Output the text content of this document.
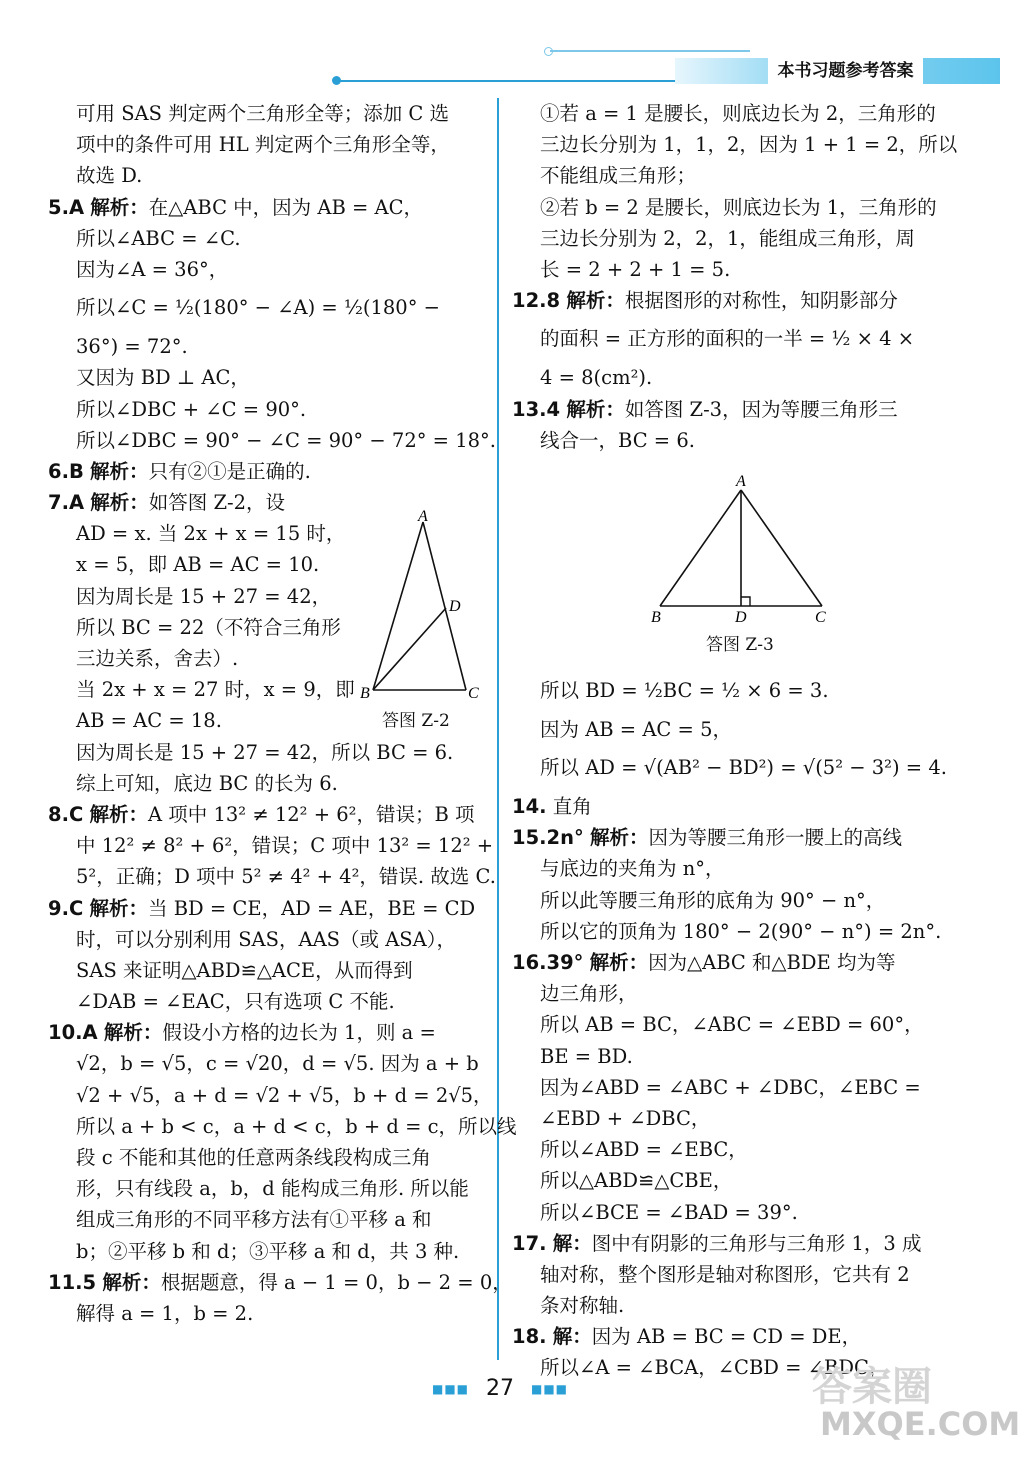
本书习题参考答案
可用 SAS 判定两个三角形全等；添加 C 选
项中的条件可用 HL 判定两个三角形全等，
故选 D.
5.A 解析：在△ABC 中，因为 AB = AC，
所以∠ABC = ∠C.
因为∠A = 36°，
所以∠C = ½(180° − ∠A) = ½(180° −
36°) = 72°.
又因为 BD ⊥ AC，
所以∠DBC + ∠C = 90°.
所以∠DBC = 90° − ∠C = 90° − 72° = 18°.
6.B 解析：只有②①是正确的.
7.A 解析：如答图 Z-2，设
AD = x. 当 2x + x = 15 时，
x = 5，即 AB = AC = 10.
因为周长是 15 + 27 = 42，
所以 BC = 22（不符合三角形
三边关系，舍去）.
当 2x + x = 27 时，x = 9，即
AB = AC = 18.
因为周长是 15 + 27 = 42，所以 BC = 6.
综上可知，底边 BC 的长为 6.
8.C 解析：A 项中 13² ≠ 12² + 6²，错误；B 项
中 12² ≠ 8² + 6²，错误；C 项中 13² = 12² +
5²，正确；D 项中 5² ≠ 4² + 4²，错误. 故选 C.
9.C 解析：当 BD = CE，AD = AE，BE = CD
时，可以分别利用 SAS，AAS（或 ASA），
SAS 来证明△ABD≌△ACE，从而得到
∠DAB = ∠EAC，只有选项 C 不能.
10.A 解析：假设小方格的边长为 1，则 a =
√2，b = √5，c = √20，d = √5. 因为 a + b
√2 + √5，a + d = √2 + √5，b + d = 2√5，
所以 a + b < c，a + d < c，b + d = c，所以线
段 c 不能和其他的任意两条线段构成三角
形，只有线段 a，b，d 能构成三角形. 所以能
组成三角形的不同平移方法有①平移 a 和
b；②平移 b 和 d；③平移 a 和 d，共 3 种.
11.5 解析：根据题意，得 a − 1 = 0，b − 2 = 0，
解得 a = 1，b = 2.
①若 a = 1 是腰长，则底边长为 2，三角形的
三边长分别为 1，1，2，因为 1 + 1 = 2，所以
不能组成三角形；
②若 b = 2 是腰长，则底边长为 1，三角形的
三边长分别为 2，2，1，能组成三角形，周
长 = 2 + 2 + 1 = 5.
12.8 解析：根据图形的对称性，知阴影部分
的面积 = 正方形的面积的一半 = ½ × 4 ×
4 = 8(cm²).
13.4 解析：如答图 Z-3，因为等腰三角形三
线合一，BC = 6.
所以 BD = ½BC = ½ × 6 = 3.
因为 AB = AC = 5，
所以 AD = √(AB² − BD²) = √(5² − 3²) = 4.
14. 直角
15.2n° 解析：因为等腰三角形一腰上的高线
与底边的夹角为 n°，
所以此等腰三角形的底角为 90° − n°，
所以它的顶角为 180° − 2(90° − n°) = 2n°.
16.39° 解析：因为△ABC 和△BDE 均为等
边三角形，
所以 AB = BC，∠ABC = ∠EBD = 60°，
BE = BD.
因为∠ABD = ∠ABC + ∠DBC，∠EBC =
∠EBD + ∠DBC，
所以∠ABD = ∠EBC，
所以△ABD≌△CBE，
所以∠BCE = ∠BAD = 39°.
17. 解：图中有阴影的三角形与三角形 1，3 成
轴对称，整个图形是轴对称图形，它共有 2
条对称轴.
18. 解：因为 AB = BC = CD = DE，
所以∠A = ∠BCA，∠CBD = ∠BDC，
A
B	C
D
答图 Z-2
A
B	C
D
答图 Z-3
■■■ 27 ■■■	答案圈
MXQE.COM
